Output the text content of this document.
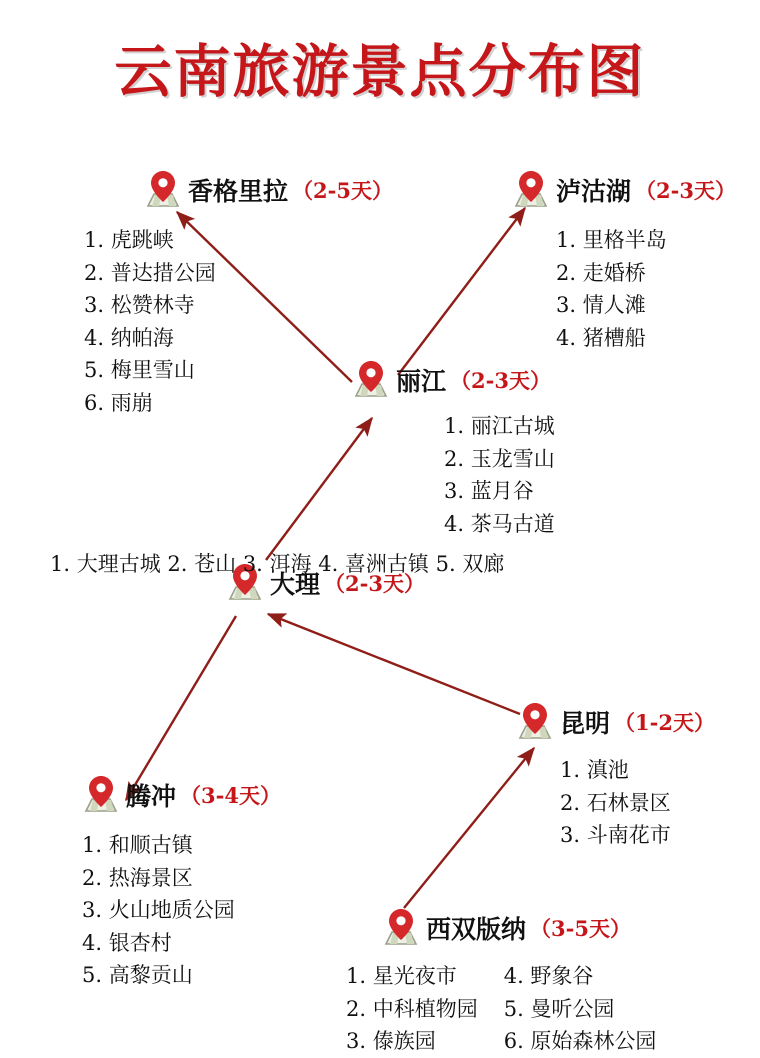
云南旅游景点分布图
香格里拉 （2-5天）
1. 虎跳峡
2. 普达措公园
3. 松赞林寺
4. 纳帕海
5. 梅里雪山
6. 雨崩
泸沽湖 （2-3天）
1. 里格半岛
2. 走婚桥
3. 情人滩
4. 猪槽船
丽江 （2-3天）
1. 丽江古城
2. 玉龙雪山
3. 蓝月谷
4. 茶马古道
大理 （2-3天）
1. 大理古城 2. 苍山 3. 洱海 4. 喜洲古镇 5. 双廊
昆明 （1-2天）
1. 滇池
2. 石林景区
3. 斗南花市
腾冲 （3-4天）
1. 和顺古镇
2. 热海景区
3. 火山地质公园
4. 银杏村
5. 高黎贡山
西双版纳 （3-5天）
1. 星光夜市
2. 中科植物园
3. 傣族园
4. 野象谷
5. 曼听公园
6. 原始森林公园
